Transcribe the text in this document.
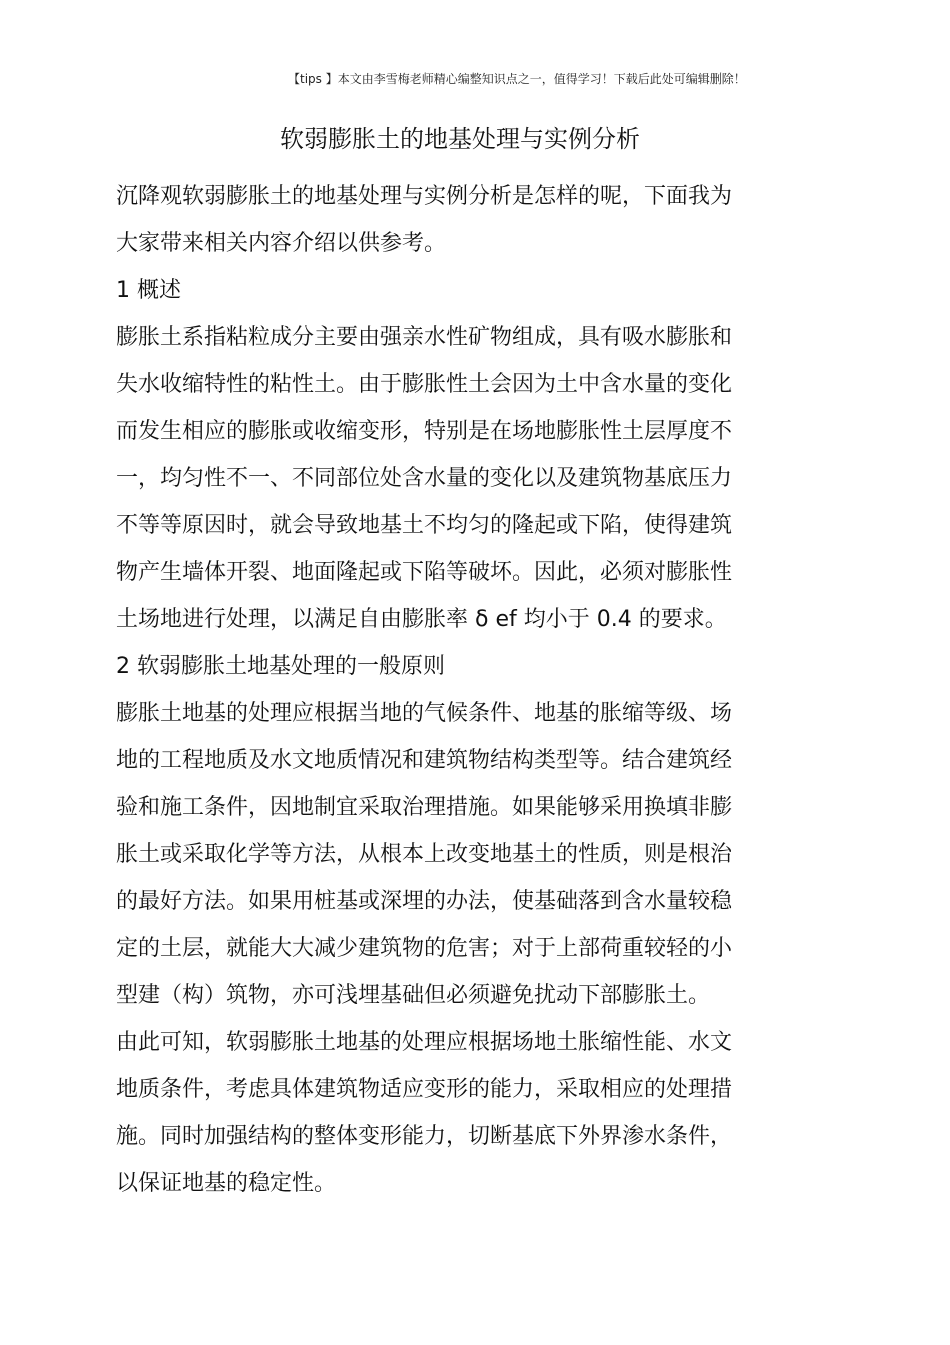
【tips 】本文由李雪梅老师精心编整知识点之一，值得学习！下载后此处可编辑删除！
软弱膨胀土的地基处理与实例分析
沉降观软弱膨胀土的地基处理与实例分析是怎样的呢，下面我为
大家带来相关内容介绍以供参考。
1 概述
膨胀土系指粘粒成分主要由强亲水性矿物组成，具有吸水膨胀和
失水收缩特性的粘性土。由于膨胀性土会因为土中含水量的变化
而发生相应的膨胀或收缩变形，特别是在场地膨胀性土层厚度不
一，均匀性不一、不同部位处含水量的变化以及建筑物基底压力
不等等原因时，就会导致地基土不均匀的隆起或下陷，使得建筑
物产生墙体开裂、地面隆起或下陷等破坏。因此，必须对膨胀性
土场地进行处理，以满足自由膨胀率 δ ef 均小于 0.4 的要求。
2 软弱膨胀土地基处理的一般原则
膨胀土地基的处理应根据当地的气候条件、地基的胀缩等级、场
地的工程地质及水文地质情况和建筑物结构类型等。结合建筑经
验和施工条件，因地制宜采取治理措施。如果能够采用换填非膨
胀土或采取化学等方法，从根本上改变地基土的性质，则是根治
的最好方法。如果用桩基或深埋的办法，使基础落到含水量较稳
定的土层，就能大大减少建筑物的危害；对于上部荷重较轻的小
型建（构）筑物，亦可浅埋基础但必须避免扰动下部膨胀土。
由此可知，软弱膨胀土地基的处理应根据场地土胀缩性能、水文
地质条件，考虑具体建筑物适应变形的能力，采取相应的处理措
施。同时加强结构的整体变形能力，切断基底下外界渗水条件，
以保证地基的稳定性。
